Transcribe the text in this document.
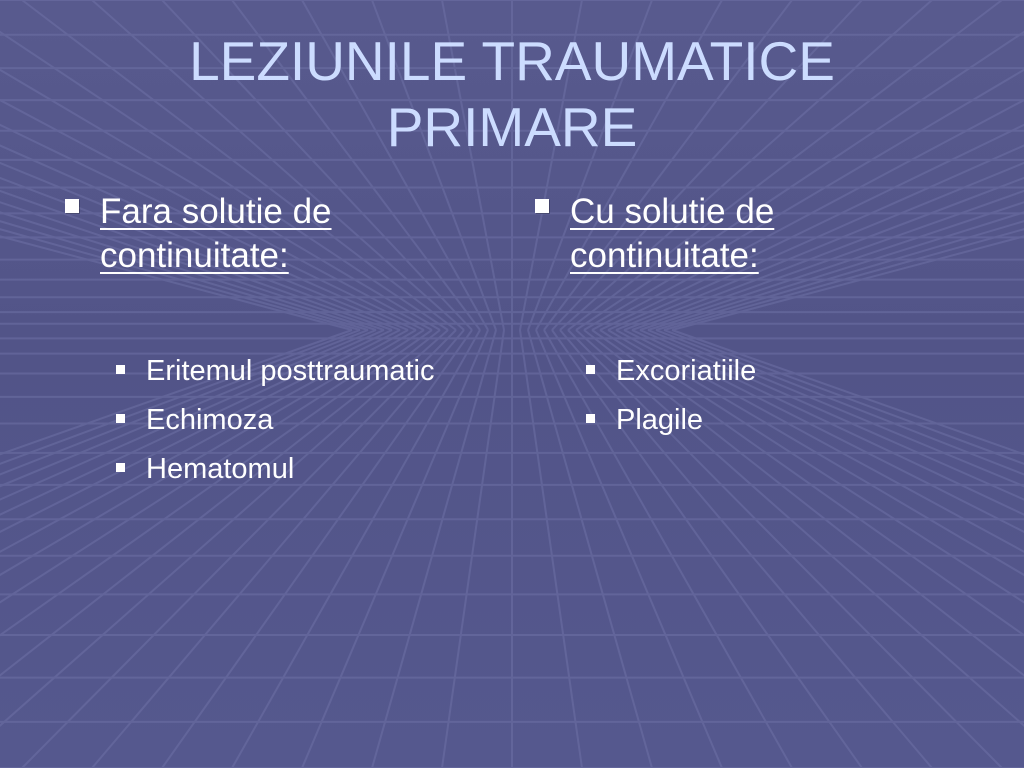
LEZIUNILE TRAUMATICE
PRIMARE
Fara solutie de
continuitate:
Eritemul posttraumatic
Echimoza
Hematomul
Cu solutie de
continuitate:
Excoriatiile
Plagile
